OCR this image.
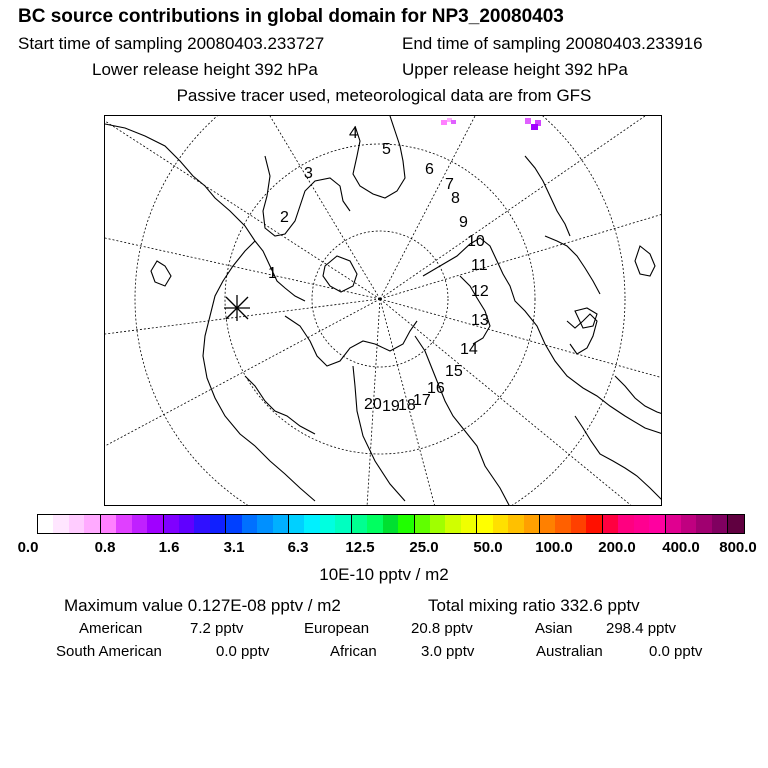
BC source contributions in global domain for NP3_20080403
Start time of sampling 20080403.233727	End time of sampling 20080403.233916
Lower release height 392 hPa	Upper release height 392 hPa
Passive tracer used, meteorological data are from GFS
1
2
3
4
5
6
7
8
9
10
11
12
13
14
15
16
17
18
19
20
0.0	0.8	1.6	3.1	6.3 12.5 25.0 50.0 100.0 200.0 400.0 800.0
10E-10 pptv / m2
Maximum value 0.127E-08 pptv / m2	Total mixing ratio 332.6 pptv
American	7.2 pptv	European	20.8 pptv	Asian 298.4 pptv
South American	0.0 pptv	African	3.0 pptv	Australian	0.0 pptv
